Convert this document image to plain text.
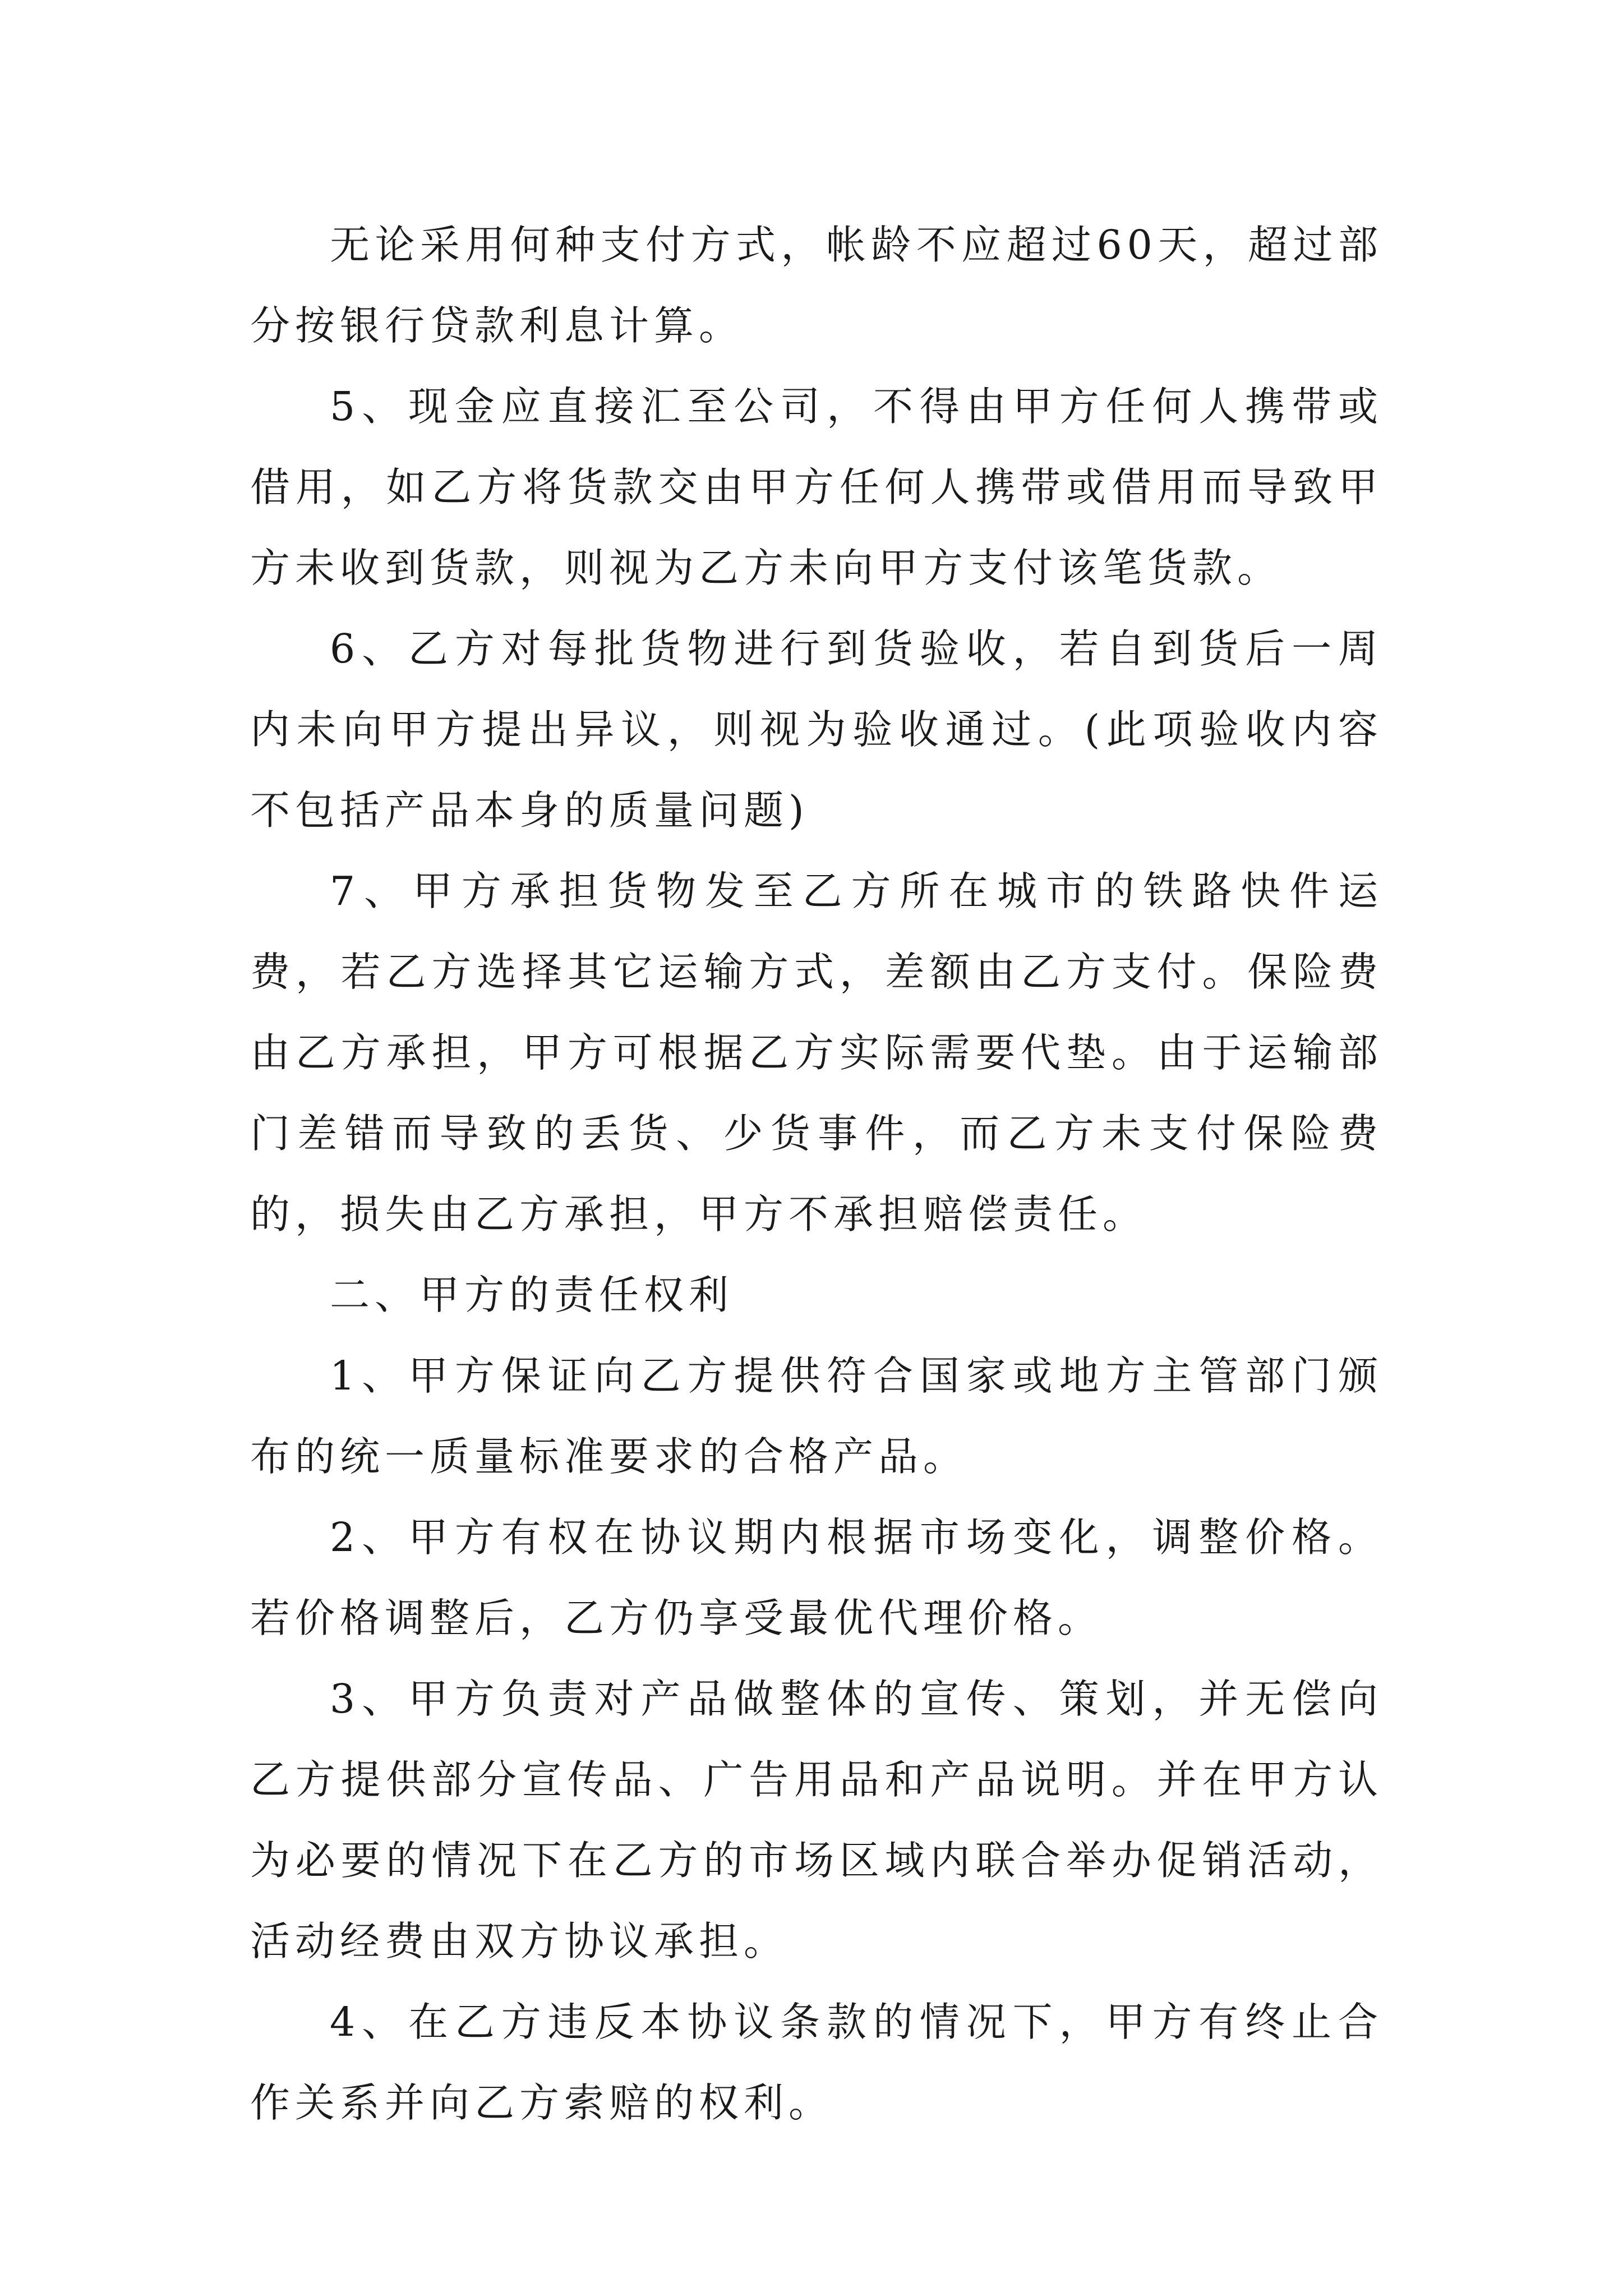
无论采用何种支付方式，帐龄不应超过60天，超过部分按银行贷款利息计算。

5、现金应直接汇至公司，不得由甲方任何人携带或借用，如乙方将货款交由甲方任何人携带或借用而导致甲方未收到货款，则视为乙方未向甲方支付该笔货款。

6、乙方对每批货物进行到货验收，若自到货后一周内未向甲方提出异议，则视为验收通过。(此项验收内容不包括产品本身的质量问题)

7、甲方承担货物发至乙方所在城市的铁路快件运费，若乙方选择其它运输方式，差额由乙方支付。保险费由乙方承担，甲方可根据乙方实际需要代垫。由于运输部门差错而导致的丢货、少货事件，而乙方未支付保险费的，损失由乙方承担，甲方不承担赔偿责任。

二、甲方的责任权利

1、甲方保证向乙方提供符合国家或地方主管部门颁布的统一质量标准要求的合格产品。

2、甲方有权在协议期内根据市场变化，调整价格。若价格调整后，乙方仍享受最优代理价格。

3、甲方负责对产品做整体的宣传、策划，并无偿向乙方提供部分宣传品、广告用品和产品说明。并在甲方认为必要的情况下在乙方的市场区域内联合举办促销活动，活动经费由双方协议承担。

4、在乙方违反本协议条款的情况下，甲方有终止合作关系并向乙方索赔的权利。
